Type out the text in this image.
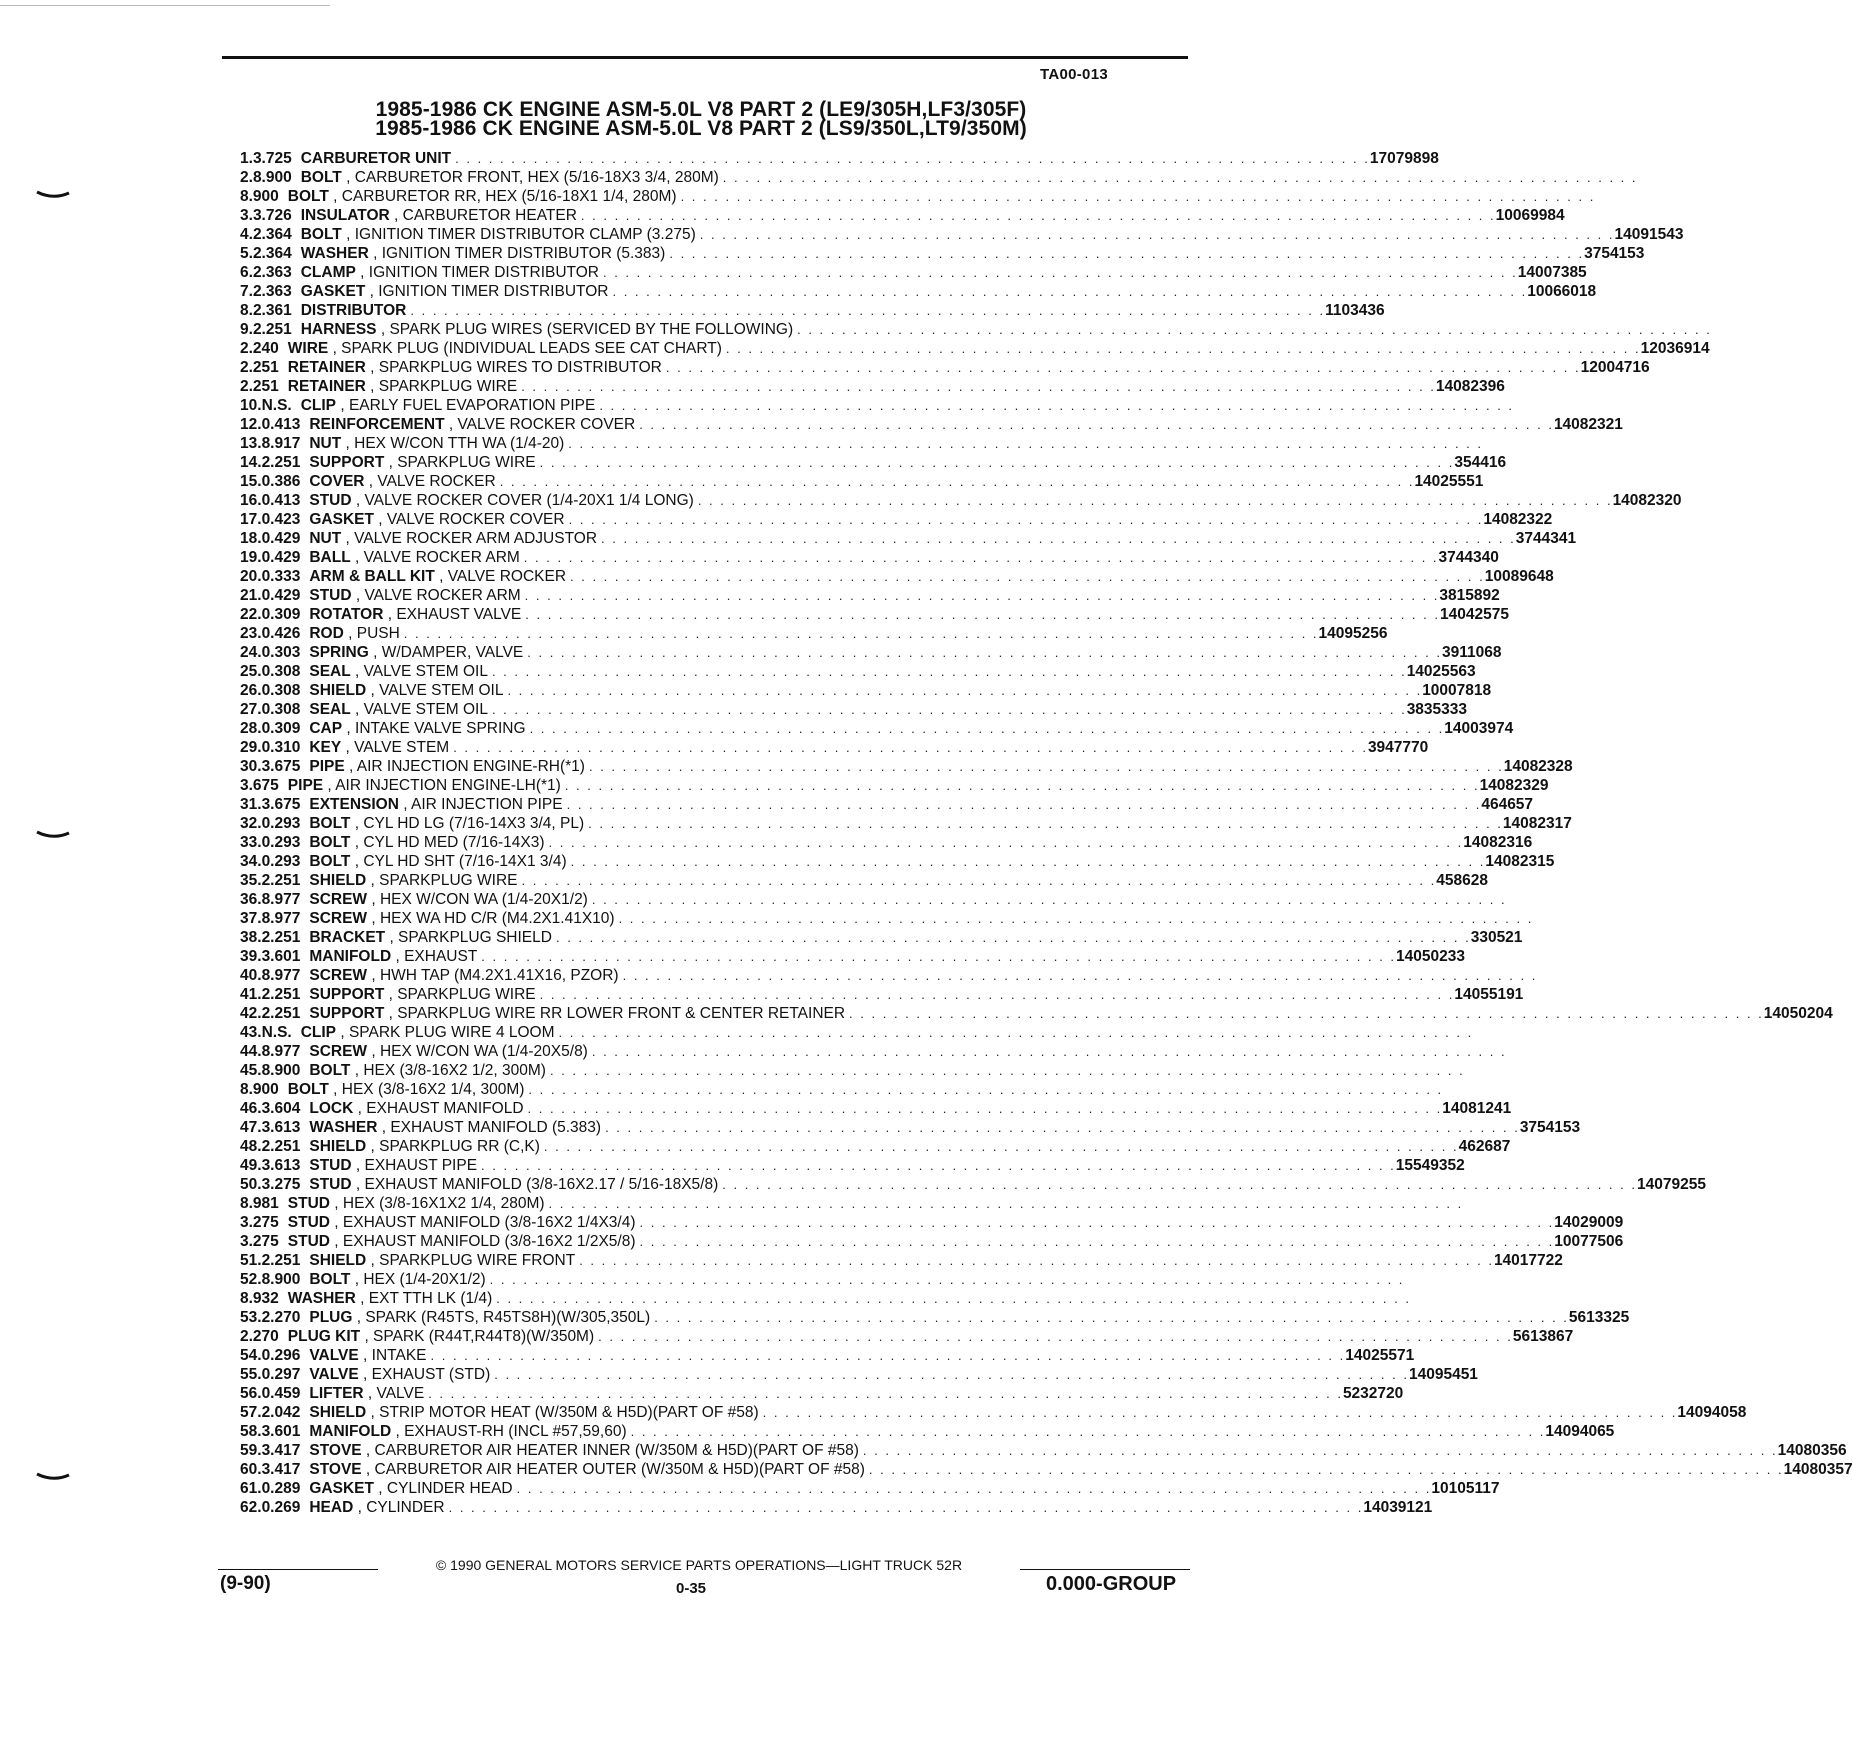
TA00-013
1985-1986 CK ENGINE ASM-5.0L V8 PART 2 (LE9/305H,LF3/305F)
1985-1986 CK ENGINE ASM-5.0L V8 PART 2 (LS9/350L,LT9/350M)
1. 3.725 CARBURETOR UNIT . . . . . . . . . . . . . . . . . . . . . . . . . . . . . . . . . . . . . . . . . . . . . . . . . . . . . . . . . . . . . . . . . . . . . . . . . . . . . . . . . . 17079898
2. 8.900 BOLT , CARBURETOR FRONT, HEX (5/16-18X3 3/4, 280M) . . . . . . . . . . . . . . . . . . . . . . . . . . . . . . . . . . . . . . . . . . . . . . . . . . . . . . . . . . . . . . . . . . . . . . . . . . . . . . . . . .
8.900 BOLT , CARBURETOR RR, HEX (5/16-18X1 1/4, 280M) . . . . . . . . . . . . . . . . . . . . . . . . . . . . . . . . . . . . . . . . . . . . . . . . . . . . . . . . . . . . . . . . . . . . . . . . . . . . . . . . . .
3. 3.726 INSULATOR , CARBURETOR HEATER . . . . . . . . . . . . . . . . . . . . . . . . . . . . . . . . . . . . . . . . . . . . . . . . . . . . . . . . . . . . . . . . . . . . . . . . . . . . . . . . . . 10069984
4. 2.364 BOLT , IGNITION TIMER DISTRIBUTOR CLAMP (3.275) . . . . . . . . . . . . . . . . . . . . . . . . . . . . . . . . . . . . . . . . . . . . . . . . . . . . . . . . . . . . . . . . . . . . . . . . . . . . . . . . . . 14091543
5. 2.364 WASHER , IGNITION TIMER DISTRIBUTOR (5.383) . . . . . . . . . . . . . . . . . . . . . . . . . . . . . . . . . . . . . . . . . . . . . . . . . . . . . . . . . . . . . . . . . . . . . . . . . . . . . . . . . . 3754153
6. 2.363 CLAMP , IGNITION TIMER DISTRIBUTOR . . . . . . . . . . . . . . . . . . . . . . . . . . . . . . . . . . . . . . . . . . . . . . . . . . . . . . . . . . . . . . . . . . . . . . . . . . . . . . . . . . 14007385
7. 2.363 GASKET , IGNITION TIMER DISTRIBUTOR . . . . . . . . . . . . . . . . . . . . . . . . . . . . . . . . . . . . . . . . . . . . . . . . . . . . . . . . . . . . . . . . . . . . . . . . . . . . . . . . . . 10066018
8. 2.361 DISTRIBUTOR . . . . . . . . . . . . . . . . . . . . . . . . . . . . . . . . . . . . . . . . . . . . . . . . . . . . . . . . . . . . . . . . . . . . . . . . . . . . . . . . . . 1103436
9. 2.251 HARNESS , SPARK PLUG WIRES (SERVICED BY THE FOLLOWING) . . . . . . . . . . . . . . . . . . . . . . . . . . . . . . . . . . . . . . . . . . . . . . . . . . . . . . . . . . . . . . . . . . . . . . . . . . . . . . . . . .
2.240 WIRE , SPARK PLUG (INDIVIDUAL LEADS SEE CAT CHART) . . . . . . . . . . . . . . . . . . . . . . . . . . . . . . . . . . . . . . . . . . . . . . . . . . . . . . . . . . . . . . . . . . . . . . . . . . . . . . . . . . 12036914
2.251 RETAINER , SPARKPLUG WIRES TO DISTRIBUTOR . . . . . . . . . . . . . . . . . . . . . . . . . . . . . . . . . . . . . . . . . . . . . . . . . . . . . . . . . . . . . . . . . . . . . . . . . . . . . . . . . . 12004716
2.251 RETAINER , SPARKPLUG WIRE . . . . . . . . . . . . . . . . . . . . . . . . . . . . . . . . . . . . . . . . . . . . . . . . . . . . . . . . . . . . . . . . . . . . . . . . . . . . . . . . . . 14082396
10. N.S. CLIP , EARLY FUEL EVAPORATION PIPE . . . . . . . . . . . . . . . . . . . . . . . . . . . . . . . . . . . . . . . . . . . . . . . . . . . . . . . . . . . . . . . . . . . . . . . . . . . . . . . . . .
12. 0.413 REINFORCEMENT , VALVE ROCKER COVER . . . . . . . . . . . . . . . . . . . . . . . . . . . . . . . . . . . . . . . . . . . . . . . . . . . . . . . . . . . . . . . . . . . . . . . . . . . . . . . . . . 14082321
13. 8.917 NUT , HEX W/CON TTH WA (1/4-20) . . . . . . . . . . . . . . . . . . . . . . . . . . . . . . . . . . . . . . . . . . . . . . . . . . . . . . . . . . . . . . . . . . . . . . . . . . . . . . . . . .
14. 2.251 SUPPORT , SPARKPLUG WIRE . . . . . . . . . . . . . . . . . . . . . . . . . . . . . . . . . . . . . . . . . . . . . . . . . . . . . . . . . . . . . . . . . . . . . . . . . . . . . . . . . . 354416
15. 0.386 COVER , VALVE ROCKER . . . . . . . . . . . . . . . . . . . . . . . . . . . . . . . . . . . . . . . . . . . . . . . . . . . . . . . . . . . . . . . . . . . . . . . . . . . . . . . . . . 14025551
16. 0.413 STUD , VALVE ROCKER COVER (1/4-20X1 1/4 LONG) . . . . . . . . . . . . . . . . . . . . . . . . . . . . . . . . . . . . . . . . . . . . . . . . . . . . . . . . . . . . . . . . . . . . . . . . . . . . . . . . . . 14082320
17. 0.423 GASKET , VALVE ROCKER COVER . . . . . . . . . . . . . . . . . . . . . . . . . . . . . . . . . . . . . . . . . . . . . . . . . . . . . . . . . . . . . . . . . . . . . . . . . . . . . . . . . . 14082322
18. 0.429 NUT , VALVE ROCKER ARM ADJUSTOR . . . . . . . . . . . . . . . . . . . . . . . . . . . . . . . . . . . . . . . . . . . . . . . . . . . . . . . . . . . . . . . . . . . . . . . . . . . . . . . . . . 3744341
19. 0.429 BALL , VALVE ROCKER ARM . . . . . . . . . . . . . . . . . . . . . . . . . . . . . . . . . . . . . . . . . . . . . . . . . . . . . . . . . . . . . . . . . . . . . . . . . . . . . . . . . . 3744340
20. 0.333 ARM & BALL KIT , VALVE ROCKER . . . . . . . . . . . . . . . . . . . . . . . . . . . . . . . . . . . . . . . . . . . . . . . . . . . . . . . . . . . . . . . . . . . . . . . . . . . . . . . . . . 10089648
21. 0.429 STUD , VALVE ROCKER ARM . . . . . . . . . . . . . . . . . . . . . . . . . . . . . . . . . . . . . . . . . . . . . . . . . . . . . . . . . . . . . . . . . . . . . . . . . . . . . . . . . . 3815892
22. 0.309 ROTATOR , EXHAUST VALVE . . . . . . . . . . . . . . . . . . . . . . . . . . . . . . . . . . . . . . . . . . . . . . . . . . . . . . . . . . . . . . . . . . . . . . . . . . . . . . . . . . 14042575
23. 0.426 ROD , PUSH . . . . . . . . . . . . . . . . . . . . . . . . . . . . . . . . . . . . . . . . . . . . . . . . . . . . . . . . . . . . . . . . . . . . . . . . . . . . . . . . . . 14095256
24. 0.303 SPRING , W/DAMPER, VALVE . . . . . . . . . . . . . . . . . . . . . . . . . . . . . . . . . . . . . . . . . . . . . . . . . . . . . . . . . . . . . . . . . . . . . . . . . . . . . . . . . . 3911068
25. 0.308 SEAL , VALVE STEM OIL . . . . . . . . . . . . . . . . . . . . . . . . . . . . . . . . . . . . . . . . . . . . . . . . . . . . . . . . . . . . . . . . . . . . . . . . . . . . . . . . . . 14025563
26. 0.308 SHIELD , VALVE STEM OIL . . . . . . . . . . . . . . . . . . . . . . . . . . . . . . . . . . . . . . . . . . . . . . . . . . . . . . . . . . . . . . . . . . . . . . . . . . . . . . . . . . 10007818
27. 0.308 SEAL , VALVE STEM OIL . . . . . . . . . . . . . . . . . . . . . . . . . . . . . . . . . . . . . . . . . . . . . . . . . . . . . . . . . . . . . . . . . . . . . . . . . . . . . . . . . . 3835333
28. 0.309 CAP , INTAKE VALVE SPRING . . . . . . . . . . . . . . . . . . . . . . . . . . . . . . . . . . . . . . . . . . . . . . . . . . . . . . . . . . . . . . . . . . . . . . . . . . . . . . . . . . 14003974
29. 0.310 KEY , VALVE STEM . . . . . . . . . . . . . . . . . . . . . . . . . . . . . . . . . . . . . . . . . . . . . . . . . . . . . . . . . . . . . . . . . . . . . . . . . . . . . . . . . . 3947770
30. 3.675 PIPE , AIR INJECTION ENGINE-RH(*1) . . . . . . . . . . . . . . . . . . . . . . . . . . . . . . . . . . . . . . . . . . . . . . . . . . . . . . . . . . . . . . . . . . . . . . . . . . . . . . . . . . 14082328
3.675 PIPE , AIR INJECTION ENGINE-LH(*1) . . . . . . . . . . . . . . . . . . . . . . . . . . . . . . . . . . . . . . . . . . . . . . . . . . . . . . . . . . . . . . . . . . . . . . . . . . . . . . . . . . 14082329
31. 3.675 EXTENSION , AIR INJECTION PIPE . . . . . . . . . . . . . . . . . . . . . . . . . . . . . . . . . . . . . . . . . . . . . . . . . . . . . . . . . . . . . . . . . . . . . . . . . . . . . . . . . . 464657
32. 0.293 BOLT , CYL HD LG (7/16-14X3 3/4, PL) . . . . . . . . . . . . . . . . . . . . . . . . . . . . . . . . . . . . . . . . . . . . . . . . . . . . . . . . . . . . . . . . . . . . . . . . . . . . . . . . . . 14082317
33. 0.293 BOLT , CYL HD MED (7/16-14X3) . . . . . . . . . . . . . . . . . . . . . . . . . . . . . . . . . . . . . . . . . . . . . . . . . . . . . . . . . . . . . . . . . . . . . . . . . . . . . . . . . . 14082316
34. 0.293 BOLT , CYL HD SHT (7/16-14X1 3/4) . . . . . . . . . . . . . . . . . . . . . . . . . . . . . . . . . . . . . . . . . . . . . . . . . . . . . . . . . . . . . . . . . . . . . . . . . . . . . . . . . . 14082315
35. 2.251 SHIELD , SPARKPLUG WIRE . . . . . . . . . . . . . . . . . . . . . . . . . . . . . . . . . . . . . . . . . . . . . . . . . . . . . . . . . . . . . . . . . . . . . . . . . . . . . . . . . . 458628
36. 8.977 SCREW , HEX W/CON WA (1/4-20X1/2) . . . . . . . . . . . . . . . . . . . . . . . . . . . . . . . . . . . . . . . . . . . . . . . . . . . . . . . . . . . . . . . . . . . . . . . . . . . . . . . . . .
37. 8.977 SCREW , HEX WA HD C/R (M4.2X1.41X10) . . . . . . . . . . . . . . . . . . . . . . . . . . . . . . . . . . . . . . . . . . . . . . . . . . . . . . . . . . . . . . . . . . . . . . . . . . . . . . . . . .
38. 2.251 BRACKET , SPARKPLUG SHIELD . . . . . . . . . . . . . . . . . . . . . . . . . . . . . . . . . . . . . . . . . . . . . . . . . . . . . . . . . . . . . . . . . . . . . . . . . . . . . . . . . . 330521
39. 3.601 MANIFOLD , EXHAUST . . . . . . . . . . . . . . . . . . . . . . . . . . . . . . . . . . . . . . . . . . . . . . . . . . . . . . . . . . . . . . . . . . . . . . . . . . . . . . . . . . 14050233
40. 8.977 SCREW , HWH TAP (M4.2X1.41X16, PZOR) . . . . . . . . . . . . . . . . . . . . . . . . . . . . . . . . . . . . . . . . . . . . . . . . . . . . . . . . . . . . . . . . . . . . . . . . . . . . . . . . . .
41. 2.251 SUPPORT , SPARKPLUG WIRE . . . . . . . . . . . . . . . . . . . . . . . . . . . . . . . . . . . . . . . . . . . . . . . . . . . . . . . . . . . . . . . . . . . . . . . . . . . . . . . . . . 14055191
42. 2.251 SUPPORT , SPARKPLUG WIRE RR LOWER FRONT & CENTER RETAINER . . . . . . . . . . . . . . . . . . . . . . . . . . . . . . . . . . . . . . . . . . . . . . . . . . . . . . . . . . . . . . . . . . . . . . . . . . . . . . . . . . 14050204
43. N.S. CLIP , SPARK PLUG WIRE 4 LOOM . . . . . . . . . . . . . . . . . . . . . . . . . . . . . . . . . . . . . . . . . . . . . . . . . . . . . . . . . . . . . . . . . . . . . . . . . . . . . . . . . .
44. 8.977 SCREW , HEX W/CON WA (1/4-20X5/8) . . . . . . . . . . . . . . . . . . . . . . . . . . . . . . . . . . . . . . . . . . . . . . . . . . . . . . . . . . . . . . . . . . . . . . . . . . . . . . . . . .
45. 8.900 BOLT , HEX (3/8-16X2 1/2, 300M) . . . . . . . . . . . . . . . . . . . . . . . . . . . . . . . . . . . . . . . . . . . . . . . . . . . . . . . . . . . . . . . . . . . . . . . . . . . . . . . . . .
8.900 BOLT , HEX (3/8-16X2 1/4, 300M) . . . . . . . . . . . . . . . . . . . . . . . . . . . . . . . . . . . . . . . . . . . . . . . . . . . . . . . . . . . . . . . . . . . . . . . . . . . . . . . . . .
46. 3.604 LOCK , EXHAUST MANIFOLD . . . . . . . . . . . . . . . . . . . . . . . . . . . . . . . . . . . . . . . . . . . . . . . . . . . . . . . . . . . . . . . . . . . . . . . . . . . . . . . . . . 14081241
47. 3.613 WASHER , EXHAUST MANIFOLD (5.383) . . . . . . . . . . . . . . . . . . . . . . . . . . . . . . . . . . . . . . . . . . . . . . . . . . . . . . . . . . . . . . . . . . . . . . . . . . . . . . . . . . 3754153
48. 2.251 SHIELD , SPARKPLUG RR (C,K) . . . . . . . . . . . . . . . . . . . . . . . . . . . . . . . . . . . . . . . . . . . . . . . . . . . . . . . . . . . . . . . . . . . . . . . . . . . . . . . . . . 462687
49. 3.613 STUD , EXHAUST PIPE . . . . . . . . . . . . . . . . . . . . . . . . . . . . . . . . . . . . . . . . . . . . . . . . . . . . . . . . . . . . . . . . . . . . . . . . . . . . . . . . . . 15549352
50. 3.275 STUD , EXHAUST MANIFOLD (3/8-16X2.17 / 5/16-18X5/8) . . . . . . . . . . . . . . . . . . . . . . . . . . . . . . . . . . . . . . . . . . . . . . . . . . . . . . . . . . . . . . . . . . . . . . . . . . . . . . . . . . 14079255
8.981 STUD , HEX (3/8-16X1X2 1/4, 280M) . . . . . . . . . . . . . . . . . . . . . . . . . . . . . . . . . . . . . . . . . . . . . . . . . . . . . . . . . . . . . . . . . . . . . . . . . . . . . . . . . .
3.275 STUD , EXHAUST MANIFOLD (3/8-16X2 1/4X3/4) . . . . . . . . . . . . . . . . . . . . . . . . . . . . . . . . . . . . . . . . . . . . . . . . . . . . . . . . . . . . . . . . . . . . . . . . . . . . . . . . . . 14029009
3.275 STUD , EXHAUST MANIFOLD (3/8-16X2 1/2X5/8) . . . . . . . . . . . . . . . . . . . . . . . . . . . . . . . . . . . . . . . . . . . . . . . . . . . . . . . . . . . . . . . . . . . . . . . . . . . . . . . . . . 10077506
51. 2.251 SHIELD , SPARKPLUG WIRE FRONT . . . . . . . . . . . . . . . . . . . . . . . . . . . . . . . . . . . . . . . . . . . . . . . . . . . . . . . . . . . . . . . . . . . . . . . . . . . . . . . . . . 14017722
52. 8.900 BOLT , HEX (1/4-20X1/2) . . . . . . . . . . . . . . . . . . . . . . . . . . . . . . . . . . . . . . . . . . . . . . . . . . . . . . . . . . . . . . . . . . . . . . . . . . . . . . . . . .
8.932 WASHER , EXT TTH LK (1/4) . . . . . . . . . . . . . . . . . . . . . . . . . . . . . . . . . . . . . . . . . . . . . . . . . . . . . . . . . . . . . . . . . . . . . . . . . . . . . . . . . .
53. 2.270 PLUG , SPARK (R45TS, R45TS8H)(W/305,350L) . . . . . . . . . . . . . . . . . . . . . . . . . . . . . . . . . . . . . . . . . . . . . . . . . . . . . . . . . . . . . . . . . . . . . . . . . . . . . . . . . . 5613325
2.270 PLUG KIT , SPARK (R44T,R44T8)(W/350M) . . . . . . . . . . . . . . . . . . . . . . . . . . . . . . . . . . . . . . . . . . . . . . . . . . . . . . . . . . . . . . . . . . . . . . . . . . . . . . . . . . 5613867
54. 0.296 VALVE , INTAKE . . . . . . . . . . . . . . . . . . . . . . . . . . . . . . . . . . . . . . . . . . . . . . . . . . . . . . . . . . . . . . . . . . . . . . . . . . . . . . . . . . 14025571
55. 0.297 VALVE , EXHAUST (STD) . . . . . . . . . . . . . . . . . . . . . . . . . . . . . . . . . . . . . . . . . . . . . . . . . . . . . . . . . . . . . . . . . . . . . . . . . . . . . . . . . . 14095451
56. 0.459 LIFTER , VALVE . . . . . . . . . . . . . . . . . . . . . . . . . . . . . . . . . . . . . . . . . . . . . . . . . . . . . . . . . . . . . . . . . . . . . . . . . . . . . . . . . . 5232720
57. 2.042 SHIELD , STRIP MOTOR HEAT (W/350M & H5D)(PART OF #58) . . . . . . . . . . . . . . . . . . . . . . . . . . . . . . . . . . . . . . . . . . . . . . . . . . . . . . . . . . . . . . . . . . . . . . . . . . . . . . . . . . 14094058
58. 3.601 MANIFOLD , EXHAUST-RH (INCL #57,59,60) . . . . . . . . . . . . . . . . . . . . . . . . . . . . . . . . . . . . . . . . . . . . . . . . . . . . . . . . . . . . . . . . . . . . . . . . . . . . . . . . . . 14094065
59. 3.417 STOVE , CARBURETOR AIR HEATER INNER (W/350M & H5D)(PART OF #58) . . . . . . . . . . . . . . . . . . . . . . . . . . . . . . . . . . . . . . . . . . . . . . . . . . . . . . . . . . . . . . . . . . . . . . . . . . . . . . . . . . 14080356
60. 3.417 STOVE , CARBURETOR AIR HEATER OUTER (W/350M & H5D)(PART OF #58) . . . . . . . . . . . . . . . . . . . . . . . . . . . . . . . . . . . . . . . . . . . . . . . . . . . . . . . . . . . . . . . . . . . . . . . . . . . . . . . . . . 14080357
61. 0.289 GASKET , CYLINDER HEAD . . . . . . . . . . . . . . . . . . . . . . . . . . . . . . . . . . . . . . . . . . . . . . . . . . . . . . . . . . . . . . . . . . . . . . . . . . . . . . . . . . 10105117
62. 0.269 HEAD , CYLINDER . . . . . . . . . . . . . . . . . . . . . . . . . . . . . . . . . . . . . . . . . . . . . . . . . . . . . . . . . . . . . . . . . . . . . . . . . . . . . . . . . . 14039121
© 1990 GENERAL MOTORS SERVICE PARTS OPERATIONS—LIGHT TRUCK 52R
(9-90)	0-35	0.000-GROUP
